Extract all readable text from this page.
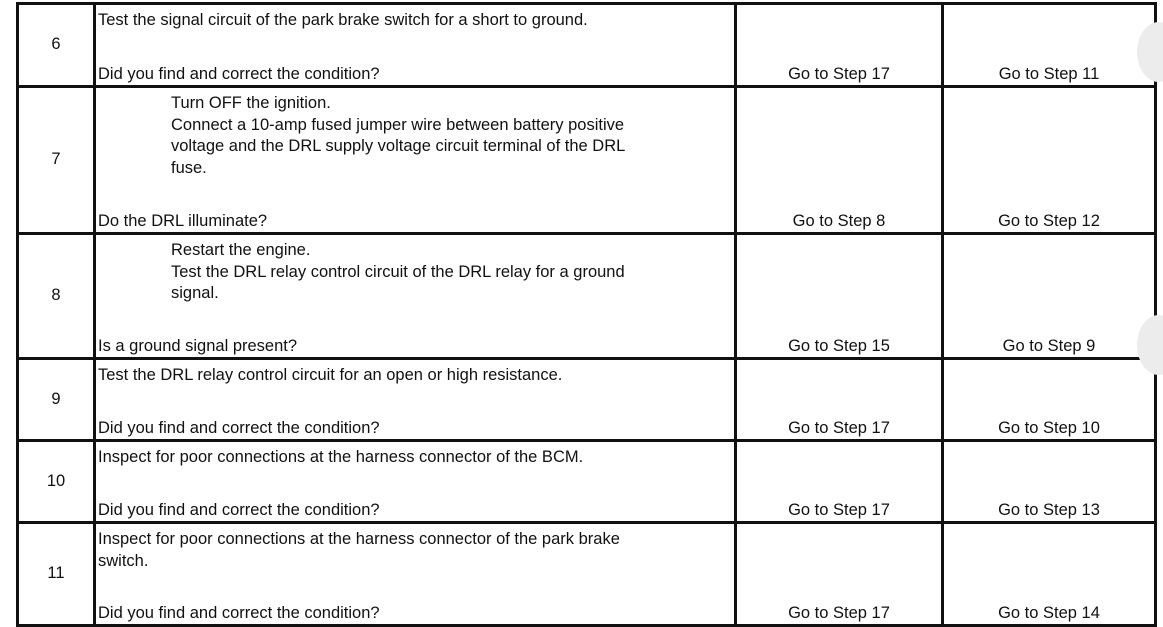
6	Test the signal circuit of the park brake switch for a short to ground.
Did you find and correct the condition?	Go to Step 17	Go to Step 11

7	Turn OFF the ignition.
Connect a 10-amp fused jumper wire between battery positive
voltage and the DRL supply voltage circuit terminal of the DRL
fuse.
Do the DRL illuminate?	Go to Step 8	Go to Step 12

8	Restart the engine.
Test the DRL relay control circuit of the DRL relay for a ground
signal.
Is a ground signal present?	Go to Step 15	Go to Step 9

9	Test the DRL relay control circuit for an open or high resistance.
Did you find and correct the condition?	Go to Step 17	Go to Step 10

10	Inspect for poor connections at the harness connector of the BCM.
Did you find and correct the condition?	Go to Step 17	Go to Step 13

11	Inspect for poor connections at the harness connector of the park brake
switch.
Did you find and correct the condition?	Go to Step 17	Go to Step 14
